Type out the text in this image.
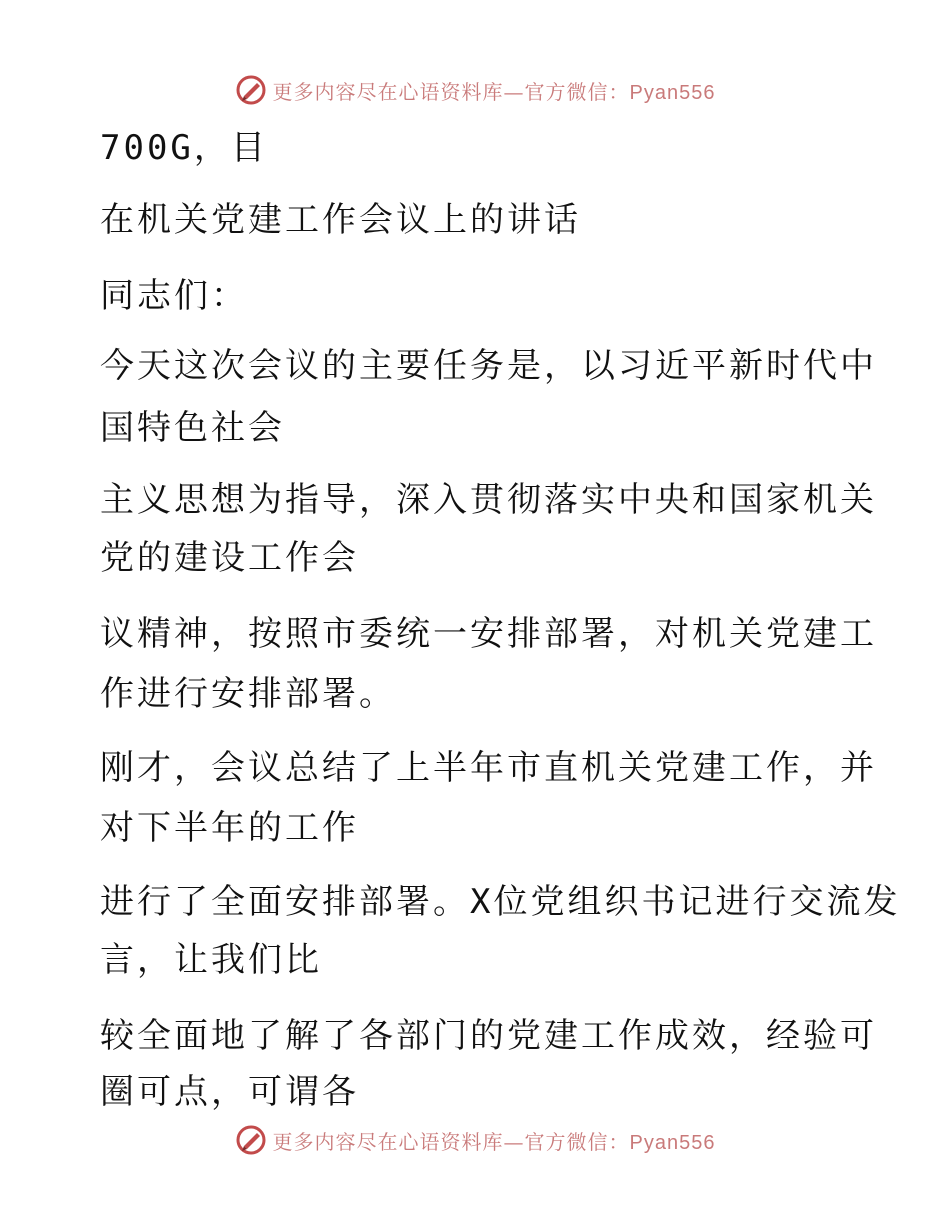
更多内容尽在心语资料库—官方微信：Pyan556
700G，目
在机关党建工作会议上的讲话
同志们：
今天这次会议的主要任务是，以习近平新时代中
国特色社会
主义思想为指导，深入贯彻落实中央和国家机关
党的建设工作会
议精神，按照市委统一安排部署，对机关党建工
作进行安排部署。
刚才，会议总结了上半年市直机关党建工作，并
对下半年的工作
进行了全面安排部署。X位党组织书记进行交流发
言，让我们比
较全面地了解了各部门的党建工作成效，经验可
圈可点，可谓各
更多内容尽在心语资料库—官方微信：Pyan556
